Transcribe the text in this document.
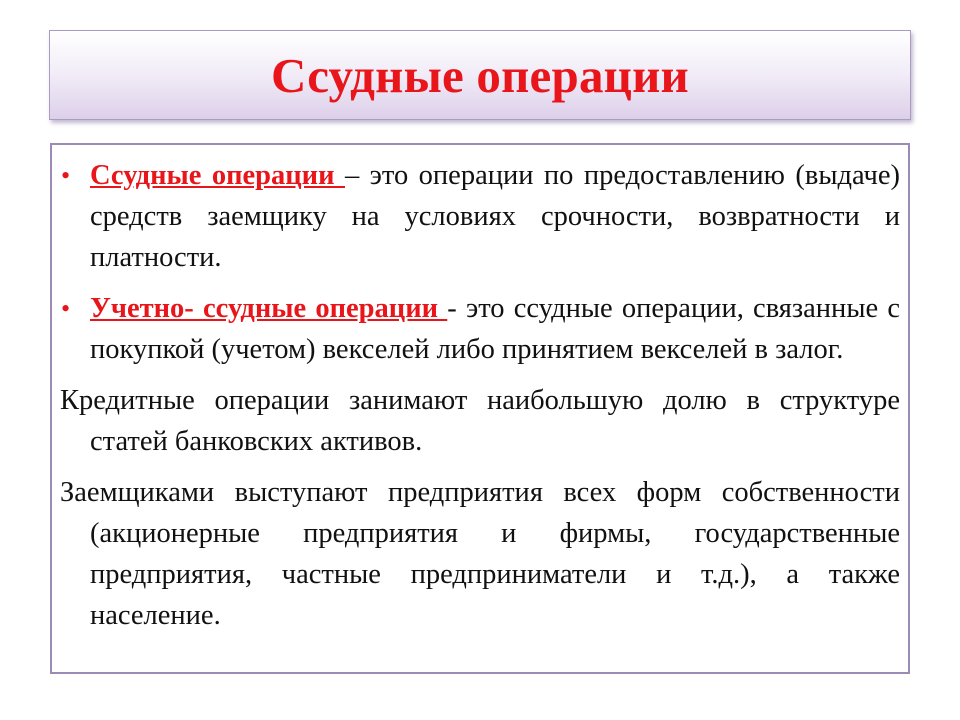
Ссудные операции
• Ссудные операции – это операции по предоставлению (выдаче) средств заемщику на условиях срочности, возвратности и платности.
• Учетно- ссудные операции - это ссудные операции, связанные с покупкой (учетом) векселей либо принятием векселей в залог.
Кредитные операции занимают наибольшую долю в структуре статей банковских активов.
Заемщиками выступают предприятия всех форм собственности (акционерные предприятия и фирмы, государственные предприятия, частные предприниматели и т.д.), а также население.
